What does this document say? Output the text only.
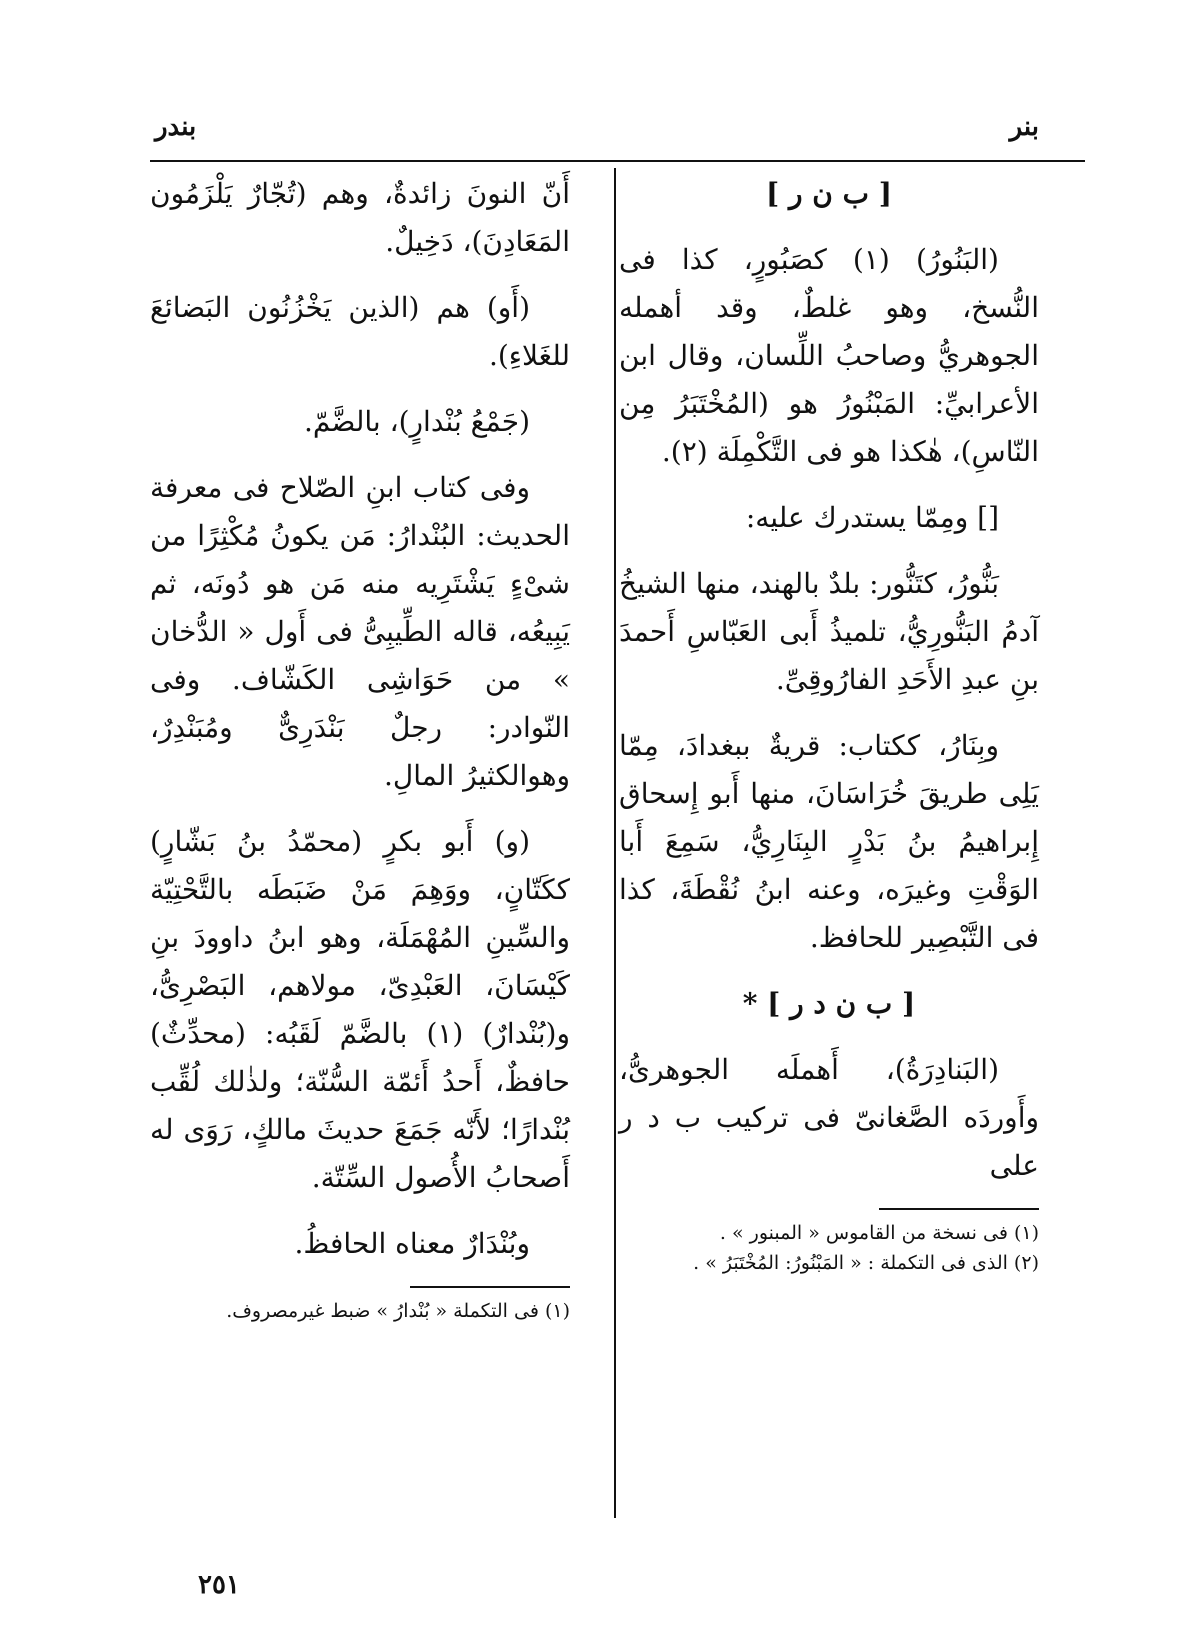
بنر
بندر

[ ب ن ر ]

(البَنُورُ) (١) كصَبُورٍ، كذا فى النُّسخ، وهو غلطٌ، وقد أهمله الجوهريُّ وصاحبُ اللِّسان، وقال ابن الأعرابيِّ: المَبْنُورُ هو (المُخْتَبَرُ مِن النّاسِ)، هٰكذا هو فى التَّكْمِلَة (٢).

[] ومِمّا يستدرك عليه:

بَنُّورُ، كتَنُّور: بلدٌ بالهند، منها الشيخُ آدمُ البَنُّورِيُّ، تلميذُ أَبى العَبّاسِ أَحمدَ بنِ عبدِ الأَحَدِ الفارُوقِىِّ.

وبِنَارُ، ككتاب: قريةٌ ببغدادَ، مِمّا يَلِى طريقَ خُرَاسَانَ، منها أَبو إِسحاق إِبراهيمُ بنُ بَدْرٍ البِنَارِيُّ، سَمِعَ أَبا الوَقْتِ وغيرَه، وعنه ابنُ نُقْطَةَ، كذا فى التَّبْصِير للحافظ.

[ ب ن د ر ] *

(البَنادِرَةُ)، أَهملَه الجوهرىُّ، وأَوردَه الصَّغانىّ فى تركيب ب د ر على

(١) فى نسخة من القاموس « المبنور » .

(٢) الذى فى التكملة : « المَبْنُورُ: المُخْتَبَرُ » .

أَنّ النونَ زائدةٌ، وهم (تُجّارٌ يَلْزَمُون المَعَادِنَ)، دَخِيلٌ.

(أَو) هم (الذين يَخْزُنُون البَضائعَ للغَلاءِ).

(جَمْعُ بُنْدارٍ)، بالضَّمّ.

وفى كتاب ابنِ الصّلاح فى معرفة الحديث: البُنْدارُ: مَن يكونُ مُكْثِرًا من شىْءٍ يَشْتَرِيه منه مَن هو دُونَه، ثم يَبِيعُه، قاله الطِّيبِىُّ فى أَول « الدُّخان » من حَوَاشِى الكَشّاف. وفى النّوادر: رجلٌ بَنْدَرِىٌّ ومُبَنْدِرٌ، وهوالكثيرُ المالِ.

(و) أَبو بكرٍ (محمّدُ بنُ بَشّارٍ) ككَتّانٍ، ووَهِمَ مَنْ ضَبَطَه بالتَّحْتِيّة والسِّينِ المُهْمَلَة، وهو ابنُ داوودَ بنِ كَيْسَانَ، العَبْدِىّ، مولاهم، البَصْرِىُّ، و(بُنْدارٌ) (١) بالضَّمّ لَقَبُه: (محدِّثٌ) حافظٌ، أَحدُ أَئمّة السُّنّة؛ ولذٰلك لُقِّب بُنْدارًا؛ لأَنّه جَمَعَ حديثَ مالكٍ، رَوَى له أَصحابُ الأُصول السِّتّة.

وبُنْدَارٌ معناه الحافظُ.

(١) فى التكملة « بُنْدارُ » ضبط غيرمصروف.

٢٥١
